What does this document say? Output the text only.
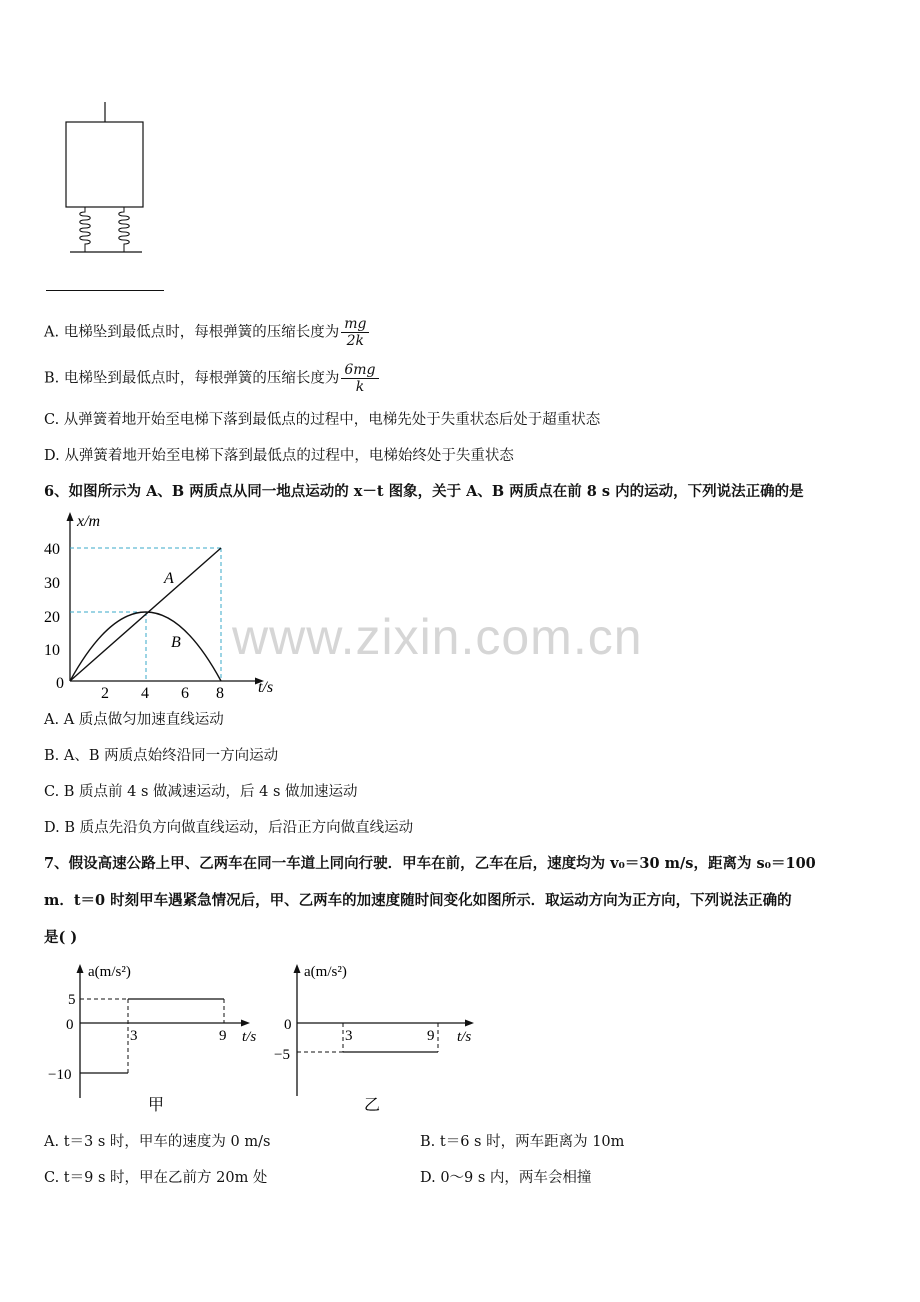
A. 电梯坠到最低点时，每根弹簧的压缩长度为 $\frac{mg}{2k}$
B. 电梯坠到最低点时，每根弹簧的压缩长度为 $\frac{6mg}{k}$
C. 从弹簧着地开始至电梯下落到最低点的过程中，电梯先处于失重状态后处于超重状态
D. 从弹簧着地开始至电梯下落到最低点的过程中，电梯始终处于失重状态
6、如图所示为 A、B 两质点从同一地点运动的 x－t 图象，关于 A、B 两质点在前 8 s 内的运动，下列说法正确的是
x/m
t/s
40
30
20
10
0
2 4 6 8
A
B
A. A 质点做匀加速直线运动
B. A、B 两质点始终沿同一方向运动
C. B 质点前 4 s 做减速运动，后 4 s 做加速运动
D. B 质点先沿负方向做直线运动，后沿正方向做直线运动
7、假设高速公路上甲、乙两车在同一车道上同向行驶．甲车在前，乙车在后，速度均为 v₀＝30 m/s，距离为 s₀＝100
m．t＝0 时刻甲车遇紧急情况后，甲、乙两车的加速度随时间变化如图所示．取运动方向为正方向，下列说法正确的
是( )
a(m/s²)
5
0
−10
3	9 t/s
甲
a(m/s²)
0
−5
3	9 t/s
乙
A. t＝3 s 时，甲车的速度为 0 m/s	B. t＝6 s 时，两车距离为 10m
C. t＝9 s 时，甲在乙前方 20m 处	D. 0～9 s 内，两车会相撞
www.zixin.com.cn
